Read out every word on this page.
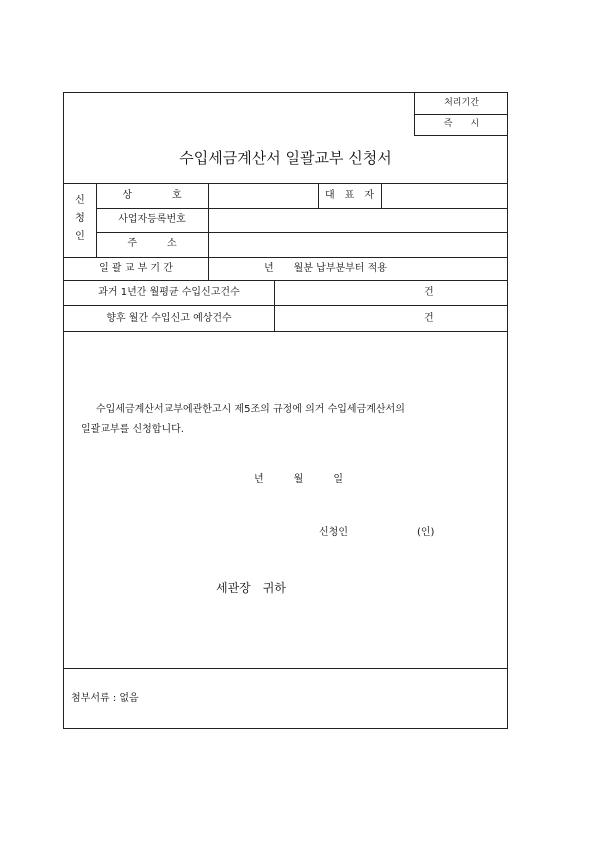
처리기간
즉　　시
수입세금계산서 일괄교부 신청서
신
청
인
상　　　　호	대　표　자
사업자등록번호
주　　　소
일 괄 교 부 기 간	년　　월분 납부분부터 적용
과거 1년간 월평균 수입신고건수	건
향후 월간 수입신고 예상건수	건
수입세금계산서교부에관한고시 제5조의 규정에 의거 수입세금계산서의
일괄교부를 신청합니다.
년　　　월　　　일
신청인	(인)
세관장　귀하
첨부서류 : 없음
